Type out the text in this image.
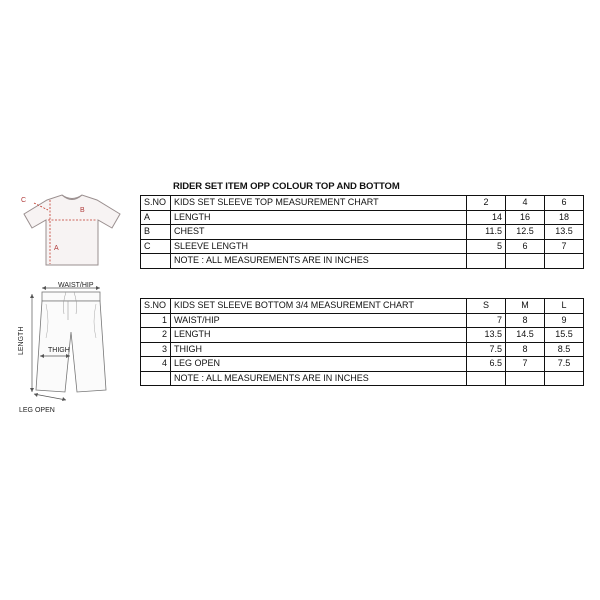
RIDER SET ITEM OPP COLOUR TOP AND BOTTOM
C
B
A
S.NO	KIDS SET SLEEVE TOP MEASUREMENT CHART	2	4	6
A	LENGTH	14	16	18
B	CHEST	11.5	12.5	13.5
C	SLEEVE LENGTH	5	6	7
	NOTE : ALL MEASUREMENTS ARE IN INCHES			
WAIST/HIP
LENGTH	THIGH
LEG OPEN
S.NO	KIDS SET SLEEVE BOTTOM 3/4 MEASUREMENT CHART	S	M	L
1	WAIST/HIP	7	8	9
2	LENGTH	13.5	14.5	15.5
3	THIGH	7.5	8	8.5
4	LEG OPEN	6.5	7	7.5
	NOTE : ALL MEASUREMENTS ARE IN INCHES			
